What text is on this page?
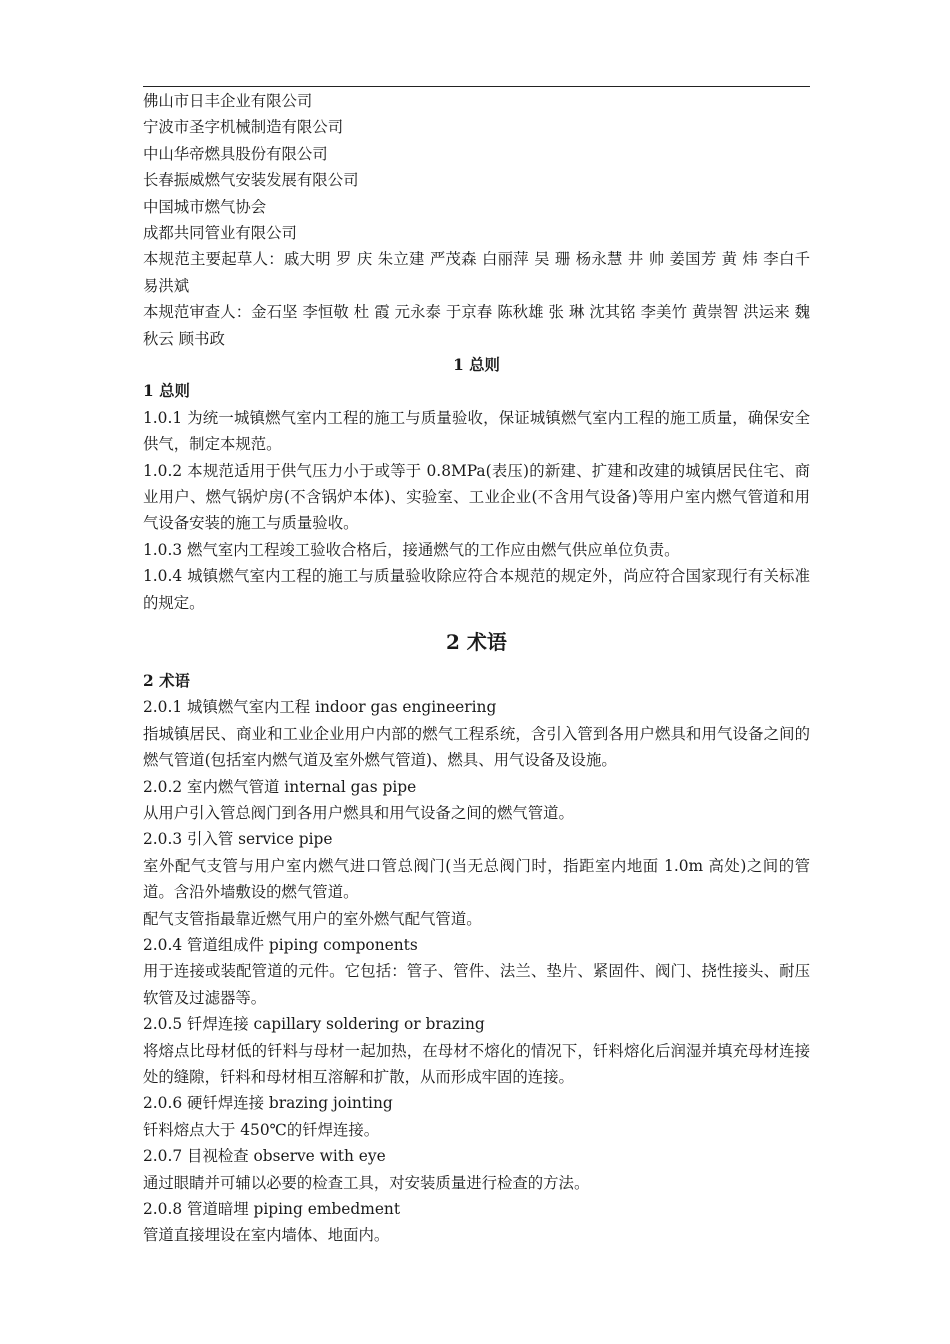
佛山市日丰企业有限公司
宁波市圣字机械制造有限公司
中山华帝燃具股份有限公司
长春振威燃气安装发展有限公司
中国城市燃气协会
成都共同管业有限公司
本规范主要起草人：戚大明 罗 庆 朱立建 严茂森 白丽萍 吴 珊 杨永慧 井 帅 姜国芳 黄 炜 李白千 易洪斌
本规范审查人：金石坚 李恒敬 杜 霞 元永泰 于京春 陈秋雄 张 琳 沈其铭 李美竹 黄崇智 洪运来 魏秋云 顾书政
1 总则
1 总则
1.0.1 为统一城镇燃气室内工程的施工与质量验收，保证城镇燃气室内工程的施工质量，确保安全供气，制定本规范。
1.0.2 本规范适用于供气压力小于或等于 0.8MPa(表压)的新建、扩建和改建的城镇居民住宅、商业用户、燃气锅炉房(不含锅炉本体)、实验室、工业企业(不含用气设备)等用户室内燃气管道和用气设备安装的施工与质量验收。
1.0.3 燃气室内工程竣工验收合格后，接通燃气的工作应由燃气供应单位负责。
1.0.4 城镇燃气室内工程的施工与质量验收除应符合本规范的规定外，尚应符合国家现行有关标准的规定。
2 术语
2 术语
2.0.1 城镇燃气室内工程 indoor gas engineering
指城镇居民、商业和工业企业用户内部的燃气工程系统，含引入管到各用户燃具和用气设备之间的燃气管道(包括室内燃气道及室外燃气管道)、燃具、用气设备及设施。
2.0.2 室内燃气管道 internal gas pipe
从用户引入管总阀门到各用户燃具和用气设备之间的燃气管道。
2.0.3 引入管 service pipe
室外配气支管与用户室内燃气进口管总阀门(当无总阀门时，指距室内地面 1.0m 高处)之间的管道。含沿外墙敷设的燃气管道。
配气支管指最靠近燃气用户的室外燃气配气管道。
2.0.4 管道组成件 piping components
用于连接或装配管道的元件。它包括：管子、管件、法兰、垫片、紧固件、阀门、挠性接头、耐压软管及过滤器等。
2.0.5 钎焊连接 capillary soldering or brazing
将熔点比母材低的钎料与母材一起加热，在母材不熔化的情况下，钎料熔化后润湿并填充母材连接处的缝隙，钎料和母材相互溶解和扩散，从而形成牢固的连接。
2.0.6 硬钎焊连接 brazing jointing
钎料熔点大于 450℃的钎焊连接。
2.0.7 目视检查 observe with eye
通过眼睛并可辅以必要的检查工具，对安装质量进行检查的方法。
2.0.8 管道暗埋 piping embedment
管道直接埋设在室内墙体、地面内。
